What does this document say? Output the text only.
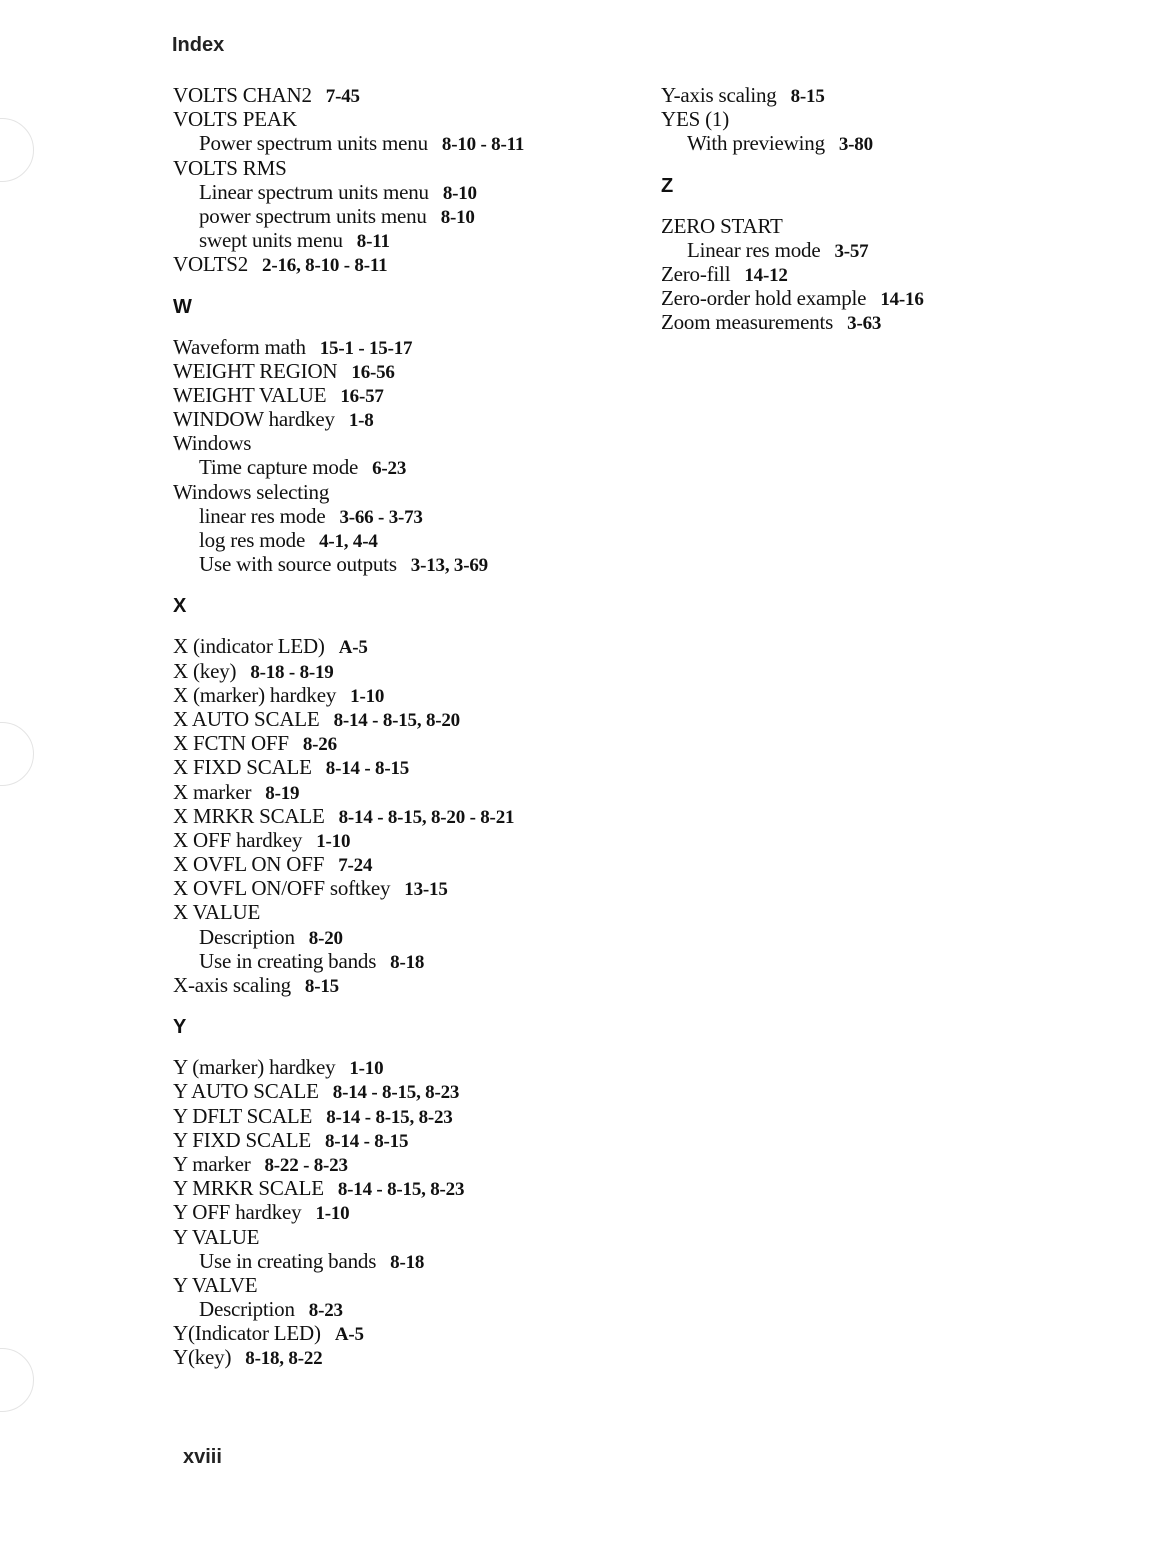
Index
VOLTS CHAN2 7-45
VOLTS PEAK
Power spectrum units menu 8-10 - 8-11
VOLTS RMS
Linear spectrum units menu 8-10
power spectrum units menu 8-10
swept units menu 8-11
VOLTS2 2-16, 8-10 - 8-11
W
Waveform math 15-1 - 15-17
WEIGHT REGION 16-56
WEIGHT VALUE 16-57
WINDOW hardkey 1-8
Windows
Time capture mode 6-23
Windows selecting
linear res mode 3-66 - 3-73
log res mode 4-1, 4-4
Use with source outputs 3-13, 3-69
X
X (indicator LED) A-5
X (key) 8-18 - 8-19
X (marker) hardkey 1-10
X AUTO SCALE 8-14 - 8-15, 8-20
X FCTN OFF 8-26
X FIXD SCALE 8-14 - 8-15
X marker 8-19
X MRKR SCALE 8-14 - 8-15, 8-20 - 8-21
X OFF hardkey 1-10
X OVFL ON OFF 7-24
X OVFL ON/OFF softkey 13-15
X VALUE
Description 8-20
Use in creating bands 8-18
X-axis scaling 8-15
Y
Y (marker) hardkey 1-10
Y AUTO SCALE 8-14 - 8-15, 8-23
Y DFLT SCALE 8-14 - 8-15, 8-23
Y FIXD SCALE 8-14 - 8-15
Y marker 8-22 - 8-23
Y MRKR SCALE 8-14 - 8-15, 8-23
Y OFF hardkey 1-10
Y VALUE
Use in creating bands 8-18
Y VALVE
Description 8-23
Y(Indicator LED) A-5
Y(key) 8-18, 8-22
Y-axis scaling 8-15
YES (1)
With previewing 3-80
Z
ZERO START
Linear res mode 3-57
Zero-fill 14-12
Zero-order hold example 14-16
Zoom measurements 3-63
xviii
